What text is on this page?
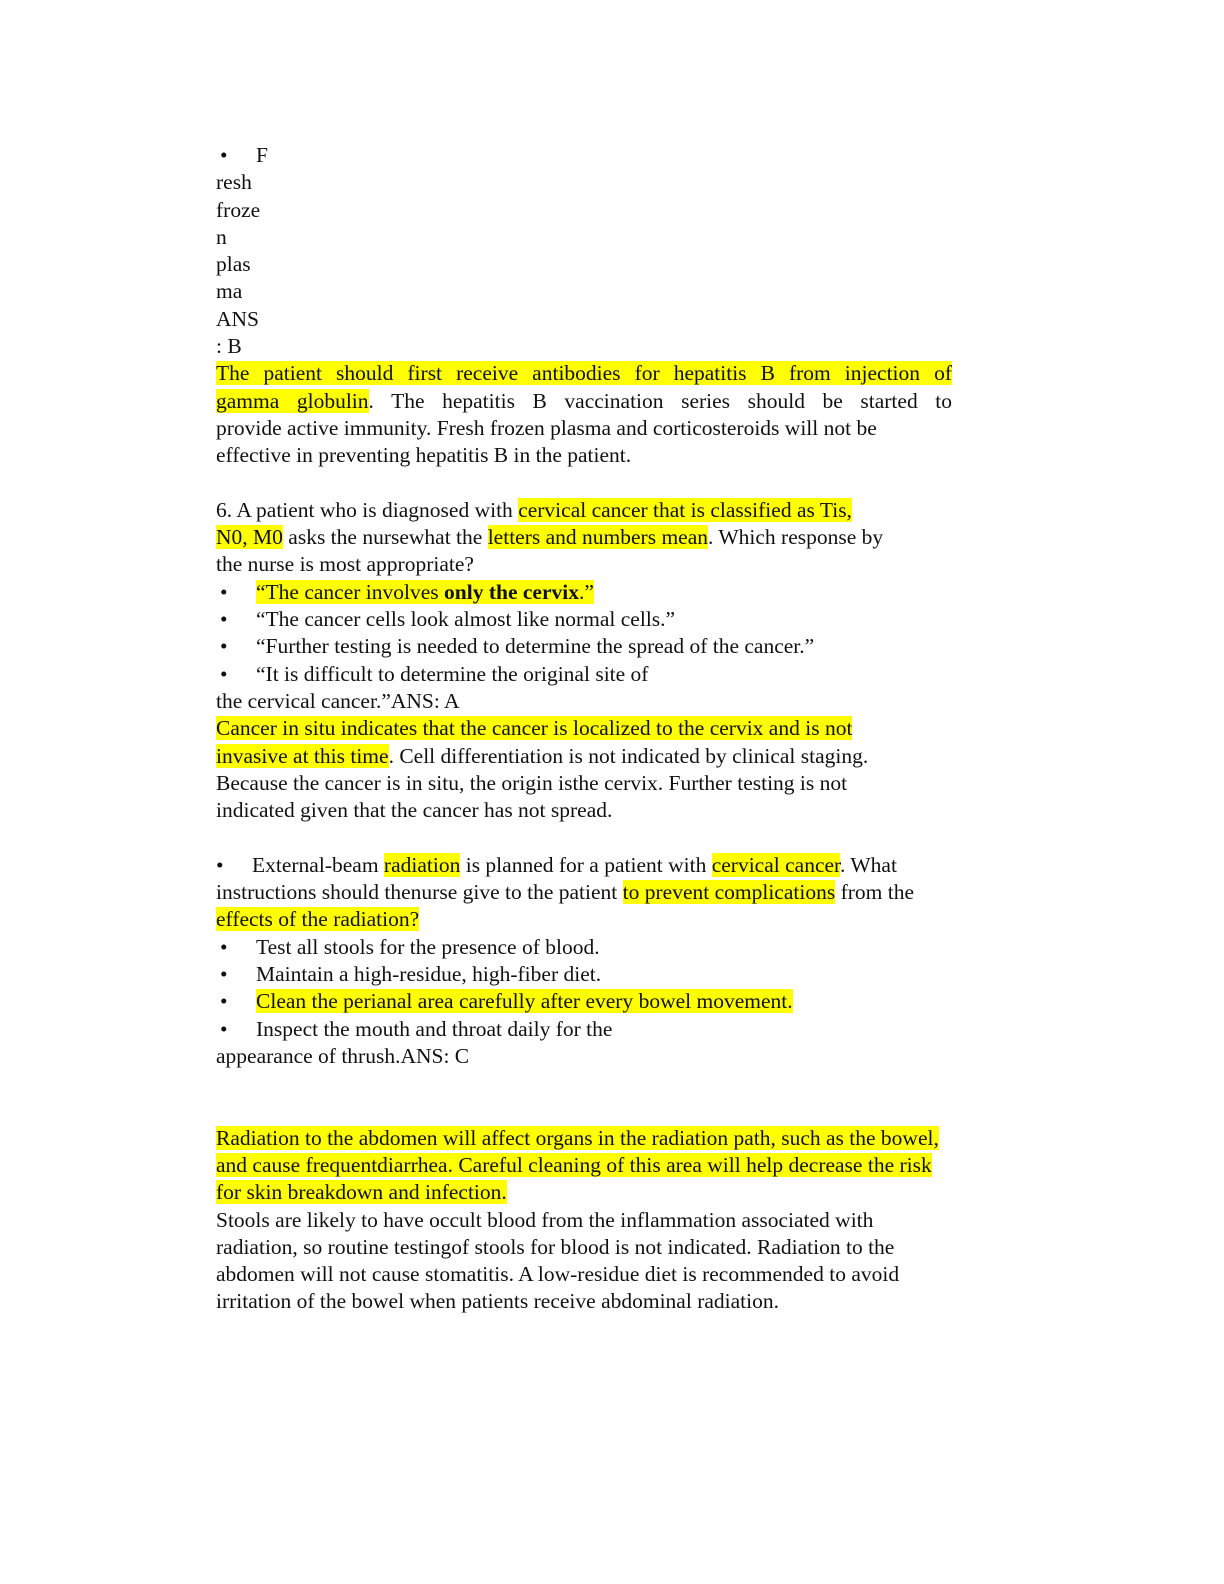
• F
resh
froze
n
plas
ma
ANS
: B
The patient should first receive antibodies for hepatitis B from injection of
gamma globulin. The hepatitis B vaccination series should be started to
provide active immunity. Fresh frozen plasma and corticosteroids will not be
effective in preventing hepatitis B in the patient.
6. A patient who is diagnosed with cervical cancer that is classified as Tis,
N0, M0 asks the nursewhat the letters and numbers mean. Which response by
the nurse is most appropriate?
• “The cancer involves only the cervix.”
• “The cancer cells look almost like normal cells.”
• “Further testing is needed to determine the spread of the cancer.”
• “It is difficult to determine the original site of
the cervical cancer.”ANS: A
Cancer in situ indicates that the cancer is localized to the cervix and is not
invasive at this time. Cell differentiation is not indicated by clinical staging.
Because the cancer is in situ, the origin isthe cervix. Further testing is not
indicated given that the cancer has not spread.
• External-beam radiation is planned for a patient with cervical cancer. What
instructions should thenurse give to the patient to prevent complications from the
effects of the radiation?
• Test all stools for the presence of blood.
• Maintain a high-residue, high-fiber diet.
• Clean the perianal area carefully after every bowel movement.
• Inspect the mouth and throat daily for the
appearance of thrush.ANS: C
Radiation to the abdomen will affect organs in the radiation path, such as the bowel,
and cause frequentdiarrhea. Careful cleaning of this area will help decrease the risk
for skin breakdown and infection.
Stools are likely to have occult blood from the inflammation associated with
radiation, so routine testingof stools for blood is not indicated. Radiation to the
abdomen will not cause stomatitis. A low-residue diet is recommended to avoid
irritation of the bowel when patients receive abdominal radiation.
